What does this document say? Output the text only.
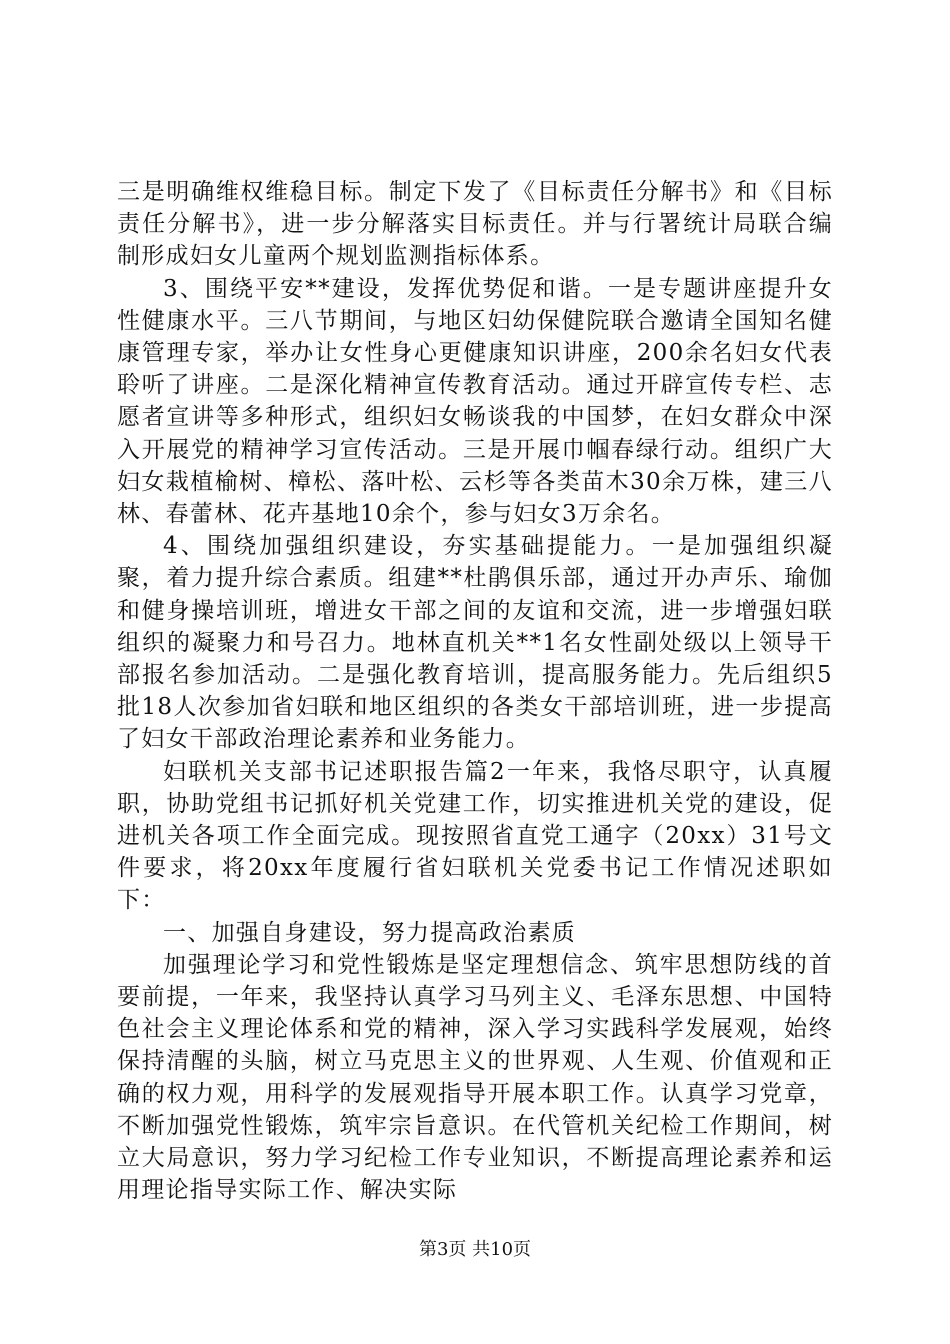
三是明确维权维稳目标。制定下发了《目标责任分解书》和《目标责任分解书》，进一步分解落实目标责任。并与行署统计局联合编制形成妇女儿童两个规划监测指标体系。

3、围绕平安**建设，发挥优势促和谐。一是专题讲座提升女性健康水平。三八节期间，与地区妇幼保健院联合邀请全国知名健康管理专家，举办让女性身心更健康知识讲座，200余名妇女代表聆听了讲座。二是深化精神宣传教育活动。通过开辟宣传专栏、志愿者宣讲等多种形式，组织妇女畅谈我的中国梦，在妇女群众中深入开展党的精神学习宣传活动。三是开展巾帼春绿行动。组织广大妇女栽植榆树、樟松、落叶松、云杉等各类苗木30余万株，建三八林、春蕾林、花卉基地10余个，参与妇女3万余名。

4、围绕加强组织建设，夯实基础提能力。一是加强组织凝聚，着力提升综合素质。组建**杜鹃俱乐部，通过开办声乐、瑜伽和健身操培训班，增进女干部之间的友谊和交流，进一步增强妇联组织的凝聚力和号召力。地林直机关**1名女性副处级以上领导干部报名参加活动。二是强化教育培训，提高服务能力。先后组织5批18人次参加省妇联和地区组织的各类女干部培训班，进一步提高了妇女干部政治理论素养和业务能力。

妇联机关支部书记述职报告篇2一年来，我恪尽职守，认真履职，协助党组书记抓好机关党建工作，切实推进机关党的建设，促进机关各项工作全面完成。现按照省直党工通字（20xx）31号文件要求，将20xx年度履行省妇联机关党委书记工作情况述职如下：

一、加强自身建设，努力提高政治素质

加强理论学习和党性锻炼是坚定理想信念、筑牢思想防线的首要前提，一年来，我坚持认真学习马列主义、毛泽东思想、中国特色社会主义理论体系和党的精神，深入学习实践科学发展观，始终保持清醒的头脑，树立马克思主义的世界观、人生观、价值观和正确的权力观，用科学的发展观指导开展本职工作。认真学习党章，不断加强党性锻炼，筑牢宗旨意识。在代管机关纪检工作期间，树立大局意识，努力学习纪检工作专业知识，不断提高理论素养和运用理论指导实际工作、解决实际

第3页 共10页
